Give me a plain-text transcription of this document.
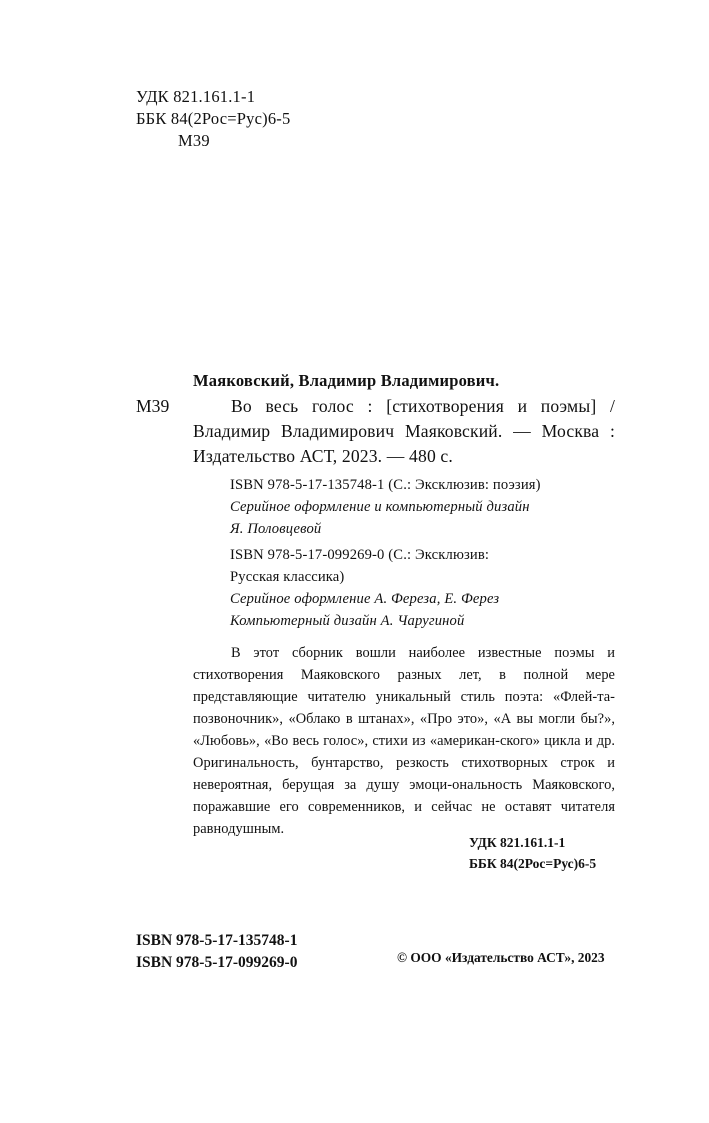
УДК 821.161.1-1
ББК 84(2Рос=Рус)6-5
М39
Маяковский, Владимир Владимирович.
М39	Во весь голос : [стихотворения и поэмы] / Владимир Владимирович Маяковский. — Москва : Издательство АСТ, 2023. — 480 с.
ISBN 978-5-17-135748-1 (С.: Эксклюзив: поэзия)
Серийное оформление и компьютерный дизайн
Я. Половцевой
ISBN 978-5-17-099269-0 (С.: Эксклюзив:
Русская классика)
Серийное оформление А. Фереза, Е. Ферез
Компьютерный дизайн А. Чаругиной
В этот сборник вошли наиболее известные поэмы и стихотворения Маяковского разных лет, в полной мере представляющие читателю уникальный стиль поэта: «Флей-та-позвоночник», «Облако в штанах», «Про это», «А вы могли бы?», «Любовь», «Во весь голос», стихи из «американ-ского» цикла и др. Оригинальность, бунтарство, резкость стихотворных строк и невероятная, берущая за душу эмоци-ональность Маяковского, поражавшие его современников, и сейчас не оставят читателя равнодушным.
УДК 821.161.1-1
ББК 84(2Рос=Рус)6-5
ISBN 978-5-17-135748-1
ISBN 978-5-17-099269-0	© ООО «Издательство АСТ», 2023
